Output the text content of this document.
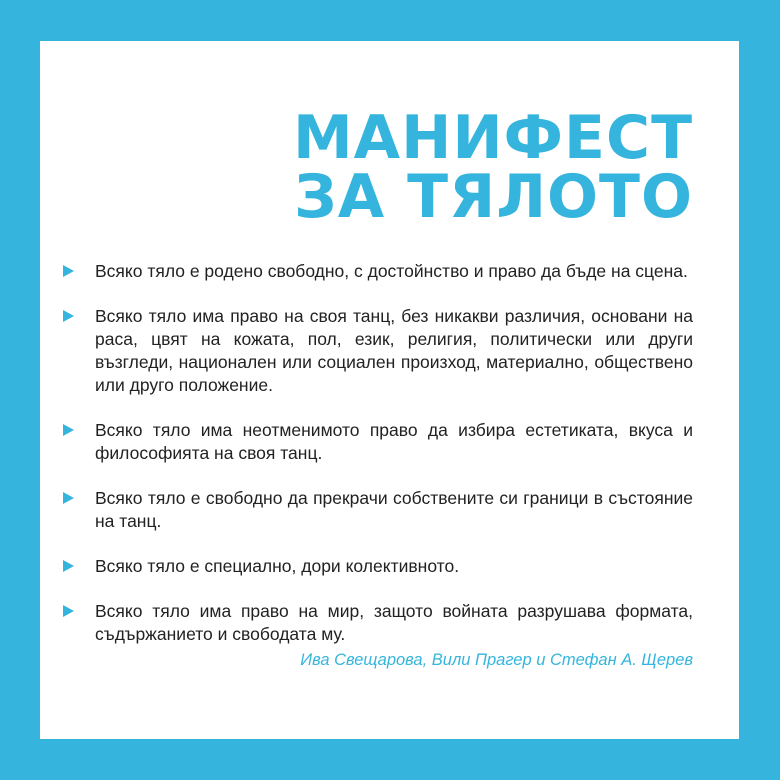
МАНИФЕСТ
ЗА ТЯЛОТО
Всяко тяло е родено свободно, с достойнство и право да бъде на сцена.
Всяко тяло има право на своя танц, без никакви различия, основани на раса, цвят на кожата, пол, език, религия, политически или други възгледи, национален или социален произход, материално, обществено или друго положение.
Всяко тяло има неотменимото право да избира естетиката, вкуса и философията на своя танц.
Всяко тяло е свободно да прекрачи собствените си граници в състояние на танц.
Всяко тяло е специално, дори колективното.
Всяко тяло има право на мир, защото войната разрушава формата, съдържанието и свободата му.

Ива Свещарова, Вили Прагер и Стефан А. Щерев
